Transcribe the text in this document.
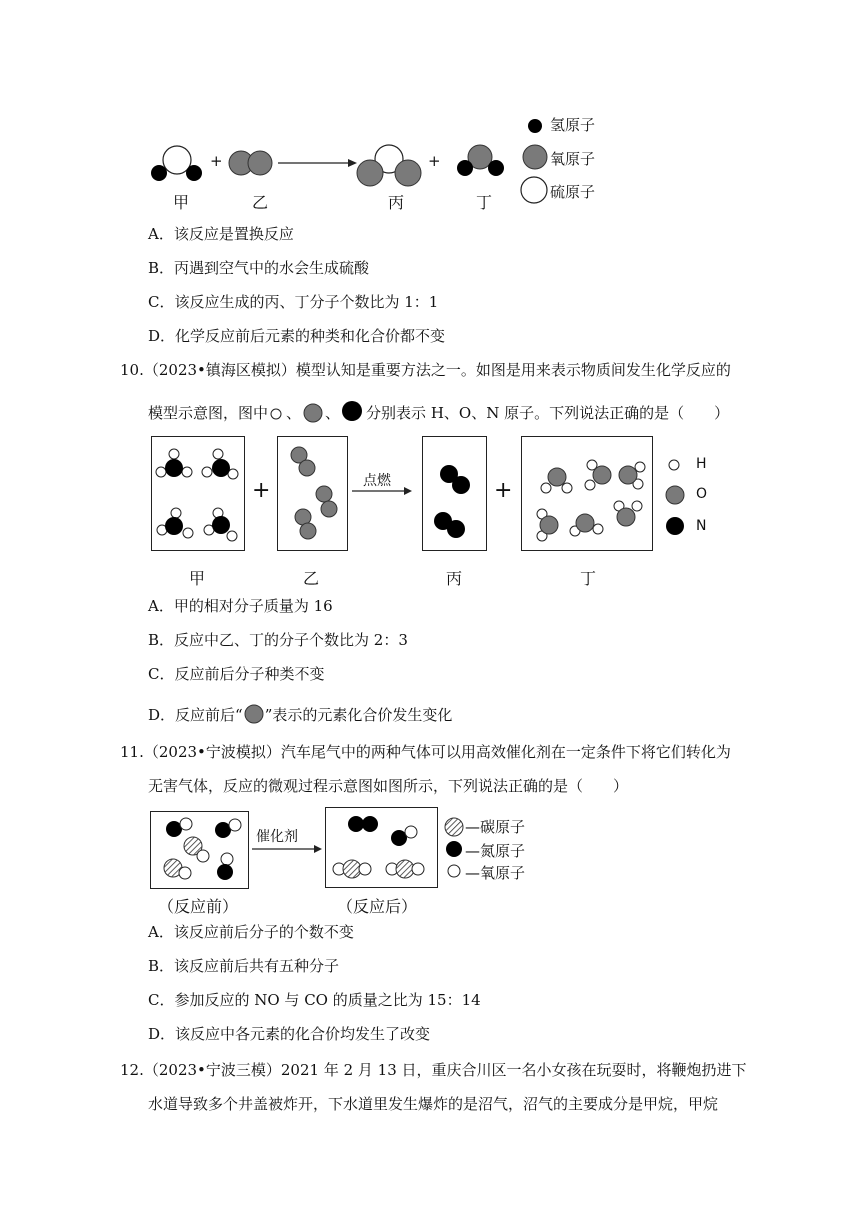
+	+
甲	乙	丙	丁
氢原子
氧原子
硫原子
A．该反应是置换反应
B．丙遇到空气中的水会生成硫酸
C．该反应生成的丙、丁分子个数比为 1：1
D．化学反应前后元素的种类和化合价都不变
10.（2023•镇海区模拟）模型认知是重要方法之一。如图是用来表示物质间发生化学反应的
模型示意图，图中 、 、 分别表示 H、O、N 原子。下列说法正确的是（　　）
+	点燃	+
H
O
N
甲	乙	丙	丁
A．甲的相对分子质量为 16
B．反应中乙、丁的分子个数比为 2：3
C．反应前后分子种类不变
D．反应前后“ ”表示的元素化合价发生变化
11.（2023•宁波模拟）汽车尾气中的两种气体可以用高效催化剂在一定条件下将它们转化为
无害气体，反应的微观过程示意图如图所示，下列说法正确的是（　　）
催化剂
—碳原子
—氮原子
—氧原子
（反应前）	（反应后）
A．该反应前后分子的个数不变
B．该反应前后共有五种分子
C．参加反应的 NO 与 CO 的质量之比为 15：14
D．该反应中各元素的化合价均发生了改变
12.（2023•宁波三模）2021 年 2 月 13 日，重庆合川区一名小女孩在玩耍时，将鞭炮扔进下
水道导致多个井盖被炸开，下水道里发生爆炸的是沼气，沼气的主要成分是甲烷，甲烷
